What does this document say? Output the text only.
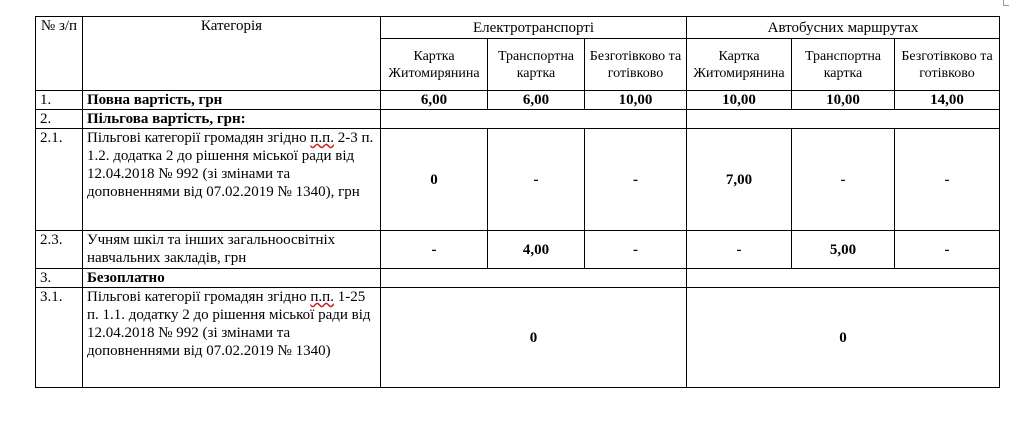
№ з/п	Категорія	Електротранспорті			Автобусних маршрутах		
		Картка Житомирянина	Транспортна картка	Безготівково та готівково	Картка Житомирянина	Транспортна картка	Безготівково та готівково
1.	Повна вартість, грн	6,00	6,00	10,00	10,00	10,00	14,00
2.	Пільгова вартість, грн:						
2.1.	Пільгові категорії громадян згідно п.п. 2-3 п. 1.2. додатка 2 до рішення міської ради від 12.04.2018 № 992 (зі змінами та доповненнями від 07.02.2019 № 1340), грн	0	-	-	7,00	-	-
2.3.	Учням шкіл та інших загальноосвітніх навчальних закладів, грн	-	4,00	-	-	5,00	-
3.	Безоплатно						
3.1.	Пільгові категорії громадян згідно п.п. 1-25 п. 1.1. додатку 2 до рішення міської ради від 12.04.2018 № 992 (зі змінами та доповненнями від 07.02.2019 № 1340)	0			0		
